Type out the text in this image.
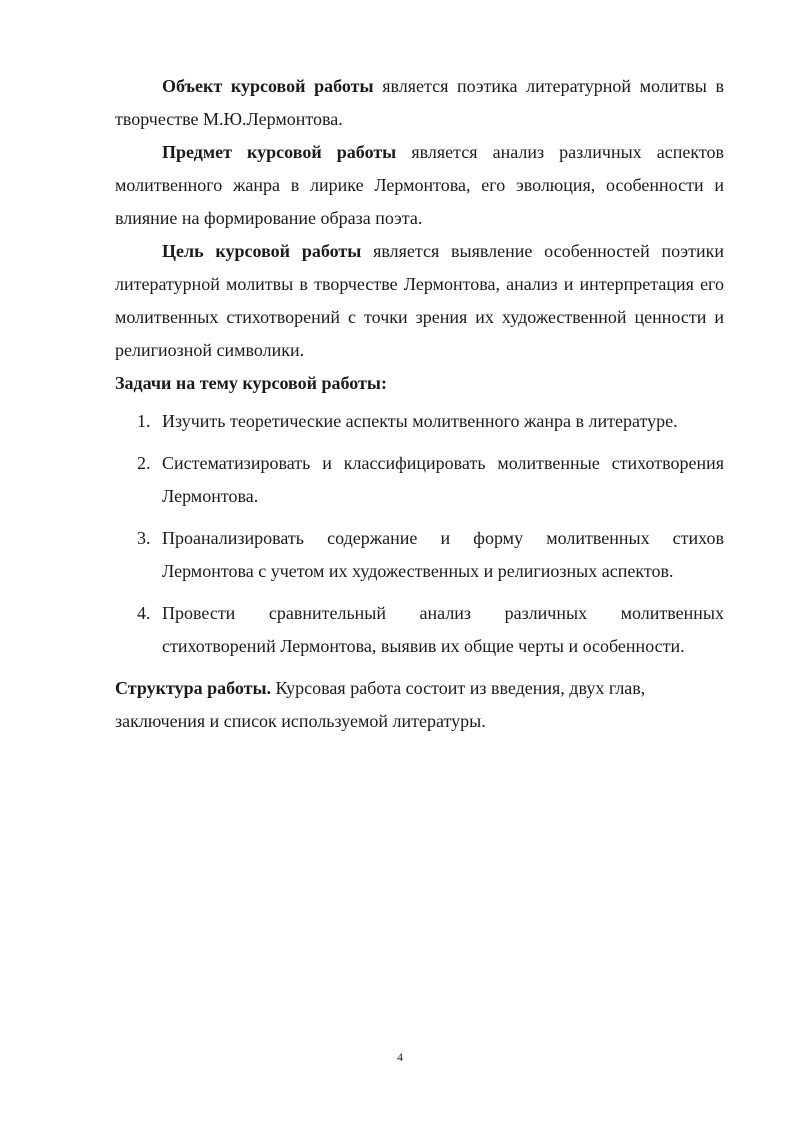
Объект курсовой работы является поэтика литературной молитвы в творчестве М.Ю.Лермонтова.

Предмет курсовой работы является анализ различных аспектов молитвенного жанра в лирике Лермонтова, его эволюция, особенности и влияние на формирование образа поэта.

Цель курсовой работы является выявление особенностей поэтики литературной молитвы в творчестве Лермонтова, анализ и интерпретация его молитвенных стихотворений с точки зрения их художественной ценности и религиозной символики.

Задачи на тему курсовой работы:

1. Изучить теоретические аспекты молитвенного жанра в литературе.
2. Систематизировать и классифицировать молитвенные стихотворения Лермонтова.
3. Проанализировать содержание и форму молитвенных стихов Лермонтова с учетом их художественных и религиозных аспектов.
4. Провести сравнительный анализ различных молитвенных стихотворений Лермонтова, выявив их общие черты и особенности.

Структура работы. Курсовая работа состоит из введения, двух глав,
заключения и список используемой литературы.

4
